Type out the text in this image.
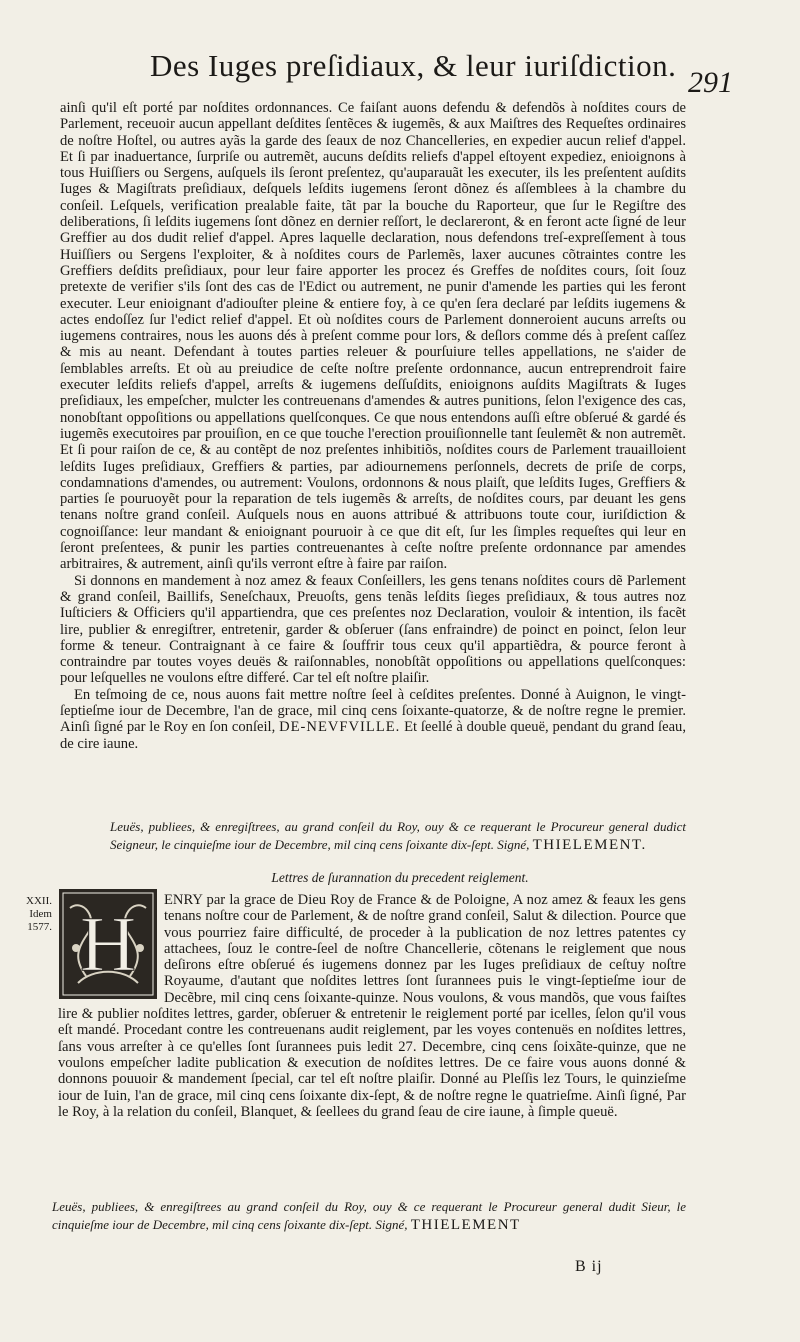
Des Iuges preſidiaux, & leur iuriſdiction. 291

ainſi qu'il eſt porté par noſdites ordonnances. Ce faiſant auons defendu & defendõs à noſdites cours de Parlement, receuoir aucun appellant deſdites ſentẽces & iugemẽs, & aux Maiſtres des Requeſtes ordinaires de noſtre Hoſtel, ou autres ayãs la garde des ſeaux de noz Chancelleries, en expedier aucun relief d'appel. Et ſi par inaduertance, ſurpriſe ou autremẽt, aucuns deſdits reliefs d'appel eſtoyent expediez, enioignons à tous Huiſſiers ou Sergens, auſquels ils ſeront preſentez, qu'auparauãt les executer, ils les preſentent auſdits Iuges & Magiſtrats preſidiaux, deſquels leſdits iugemens ſeront dõnez és aſſemblees à la chambre du conſeil. Leſquels, verification prealable faite, tãt par la bouche du Raporteur, que ſur le Regiſtre des deliberations, ſi leſdits iugemens ſont dõnez en dernier reſſort, le declareront, & en feront acte ſigné de leur Greffier au dos dudit relief d'appel. Apres laquelle declaration, nous defendons treſ-expreſſement à tous Huiſſiers ou Sergens l'exploiter, & à noſdites cours de Parlemẽs, laxer aucunes cõtraintes contre les Greffiers deſdits preſidiaux, pour leur faire apporter les procez és Greffes de noſdites cours, ſoit ſouz pretexte de verifier s'ils ſont des cas de l'Edict ou autrement, ne punir d'amende les parties qui les feront executer. Leur enioignant d'adiouſter pleine & entiere foy, à ce qu'en ſera declaré par leſdits iugemens & actes endoſſez ſur l'edict relief d'appel. Et où noſdites cours de Parlement donneroient aucuns arreſts ou iugemens contraires, nous les auons dés à preſent comme pour lors, & deſlors comme dés à preſent caſſez & mis au neant. Defendant à toutes parties releuer & pourſuiure telles appellations, ne s'aider de ſemblables arreſts. Et où au preiudice de ceſte noſtre preſente ordonnance, aucun entreprendroit faire executer leſdits reliefs d'appel, arreſts & iugemens deſſuſdits, enioignons auſdits Magiſtrats & Iuges preſidiaux, les empeſcher, mulcter les contreuenans d'amendes & autres punitions, ſelon l'exigence des cas, nonobſtant oppoſitions ou appellations quelſconques. Ce que nous entendons auſſi eſtre obſerué & gardé és iugemẽs executoires par prouiſion, en ce que touche l'erection prouiſionnelle tant ſeulemẽt & non autremẽt. Et ſi pour raiſon de ce, & au contẽpt de noz preſentes inhibitiõs, noſdites cours de Parlement trauailloient leſdits Iuges preſidiaux, Greffiers & parties, par adiournemens perſonnels, decrets de priſe de corps, condamnations d'amendes, ou autrement: Voulons, ordonnons & nous plaiſt, que leſdits Iuges, Greffiers & parties ſe pouruoyẽt pour la reparation de tels iugemẽs & arreſts, de noſdites cours, par deuant les gens tenans noſtre grand conſeil. Auſquels nous en auons attribué & attribuons toute cour, iuriſdiction & cognoiſſance: leur mandant & enioignant pouruoir à ce que dit eſt, ſur les ſimples requeſtes qui leur en ſeront preſentees, & punir les parties contreuenantes à ceſte noſtre preſente ordonnance par amendes arbitraires, & autrement, ainſi qu'ils verront eſtre à faire par raiſon.

Si donnons en mandement à noz amez & feaux Conſeillers, les gens tenans noſdites cours dẽ Parlement & grand conſeil, Baillifs, Seneſchaux, Preuoſts, gens tenãs leſdits ſieges preſidiaux, & tous autres noz Iuſticiers & Officiers qu'il appartiendra, que ces preſentes noz Declaration, vouloir & intention, ils facẽt lire, publier & enregiſtrer, entretenir, garder & obſeruer (ſans enfraindre) de poinct en poinct, ſelon leur forme & teneur. Contraignant à ce faire & ſouffrir tous ceux qu'il appartiẽdra, & pource feront à contraindre par toutes voyes deuës & raiſonnables, nonobſtãt oppoſitions ou appellations quelſconques: pour leſquelles ne voulons eſtre differé. Car tel eſt noſtre plaiſir.

En teſmoing de ce, nous auons fait mettre noſtre ſeel à ceſdites preſentes. Donné à Auignon, le vingt-ſeptieſme iour de Decembre, l'an de grace, mil cinq cens ſoixante-quatorze, & de noſtre regne le premier. Ainſi ſigné par le Roy en ſon conſeil, DE-NEVFVILLE. Et ſeellé à double queuë, pendant du grand ſeau, de cire iaune.

Leuës, publiees, & enregiſtrees, au grand conſeil du Roy, ouy & ce requerant le Procureur general dudict Seigneur, le cinquieſme iour de Decembre, mil cinq cens ſoixante dix-ſept. Signé, THIELEMENT.
Lettres de ſurannation du precedent reiglement.
XXII. Idem 1577. H	ENRY par la grace de Dieu Roy de France & de Poloigne, A noz amez & feaux les gens tenans noſtre cour de Parlement, & de noſtre grand conſeil, Salut & dilection. Pource que vous pourriez faire difficulté, de proceder à la publication de noz lettres patentes cy attachees, ſouz le contre-ſeel de noſtre Chancellerie, cõtenans le reiglement que nous deſirons eſtre obſerué és iugemens donnez par les Iuges preſidiaux de ceſtuy noſtre Royaume, d'autant que noſdites lettres ſont ſurannees puis le vingt-ſeptieſme iour de Decẽbre, mil cinq cens ſoixante-quinze. Nous voulons, & vous mandõs, que vous faiſtes lire & publier noſdites lettres, garder, obſeruer & entretenir le reiglement porté par icelles, ſelon qu'il vous eſt mandé. Procedant contre les contreuenans audit reiglement, par les voyes contenuës en noſdites lettres, ſans vous arreſter à ce qu'elles ſont ſurannees puis ledit 27. Decembre, cinq cens ſoixãte-quinze, que ne voulons empeſcher ladite publication & execution de noſdites lettres. De ce faire vous auons donné & donnons pouuoir & mandement ſpecial, car tel eſt noſtre plaiſir. Donné au Pleſſis lez Tours, le quinzieſme iour de Iuin, l'an de grace, mil cinq cens ſoixante dix-ſept, & de noſtre regne le quatrieſme. Ainſi ſigné, Par le Roy, à la relation du conſeil, Blanquet, & ſeellees du grand ſeau de cire iaune, à ſimple queuë.

Leuës, publiees, & enregiſtrees au grand conſeil du Roy, ouy & ce requerant le Procureur general dudit Sieur, le cinquieſme iour de Decembre, mil cinq cens ſoixante dix-ſept. Signé, THIELEMENT
B ij
